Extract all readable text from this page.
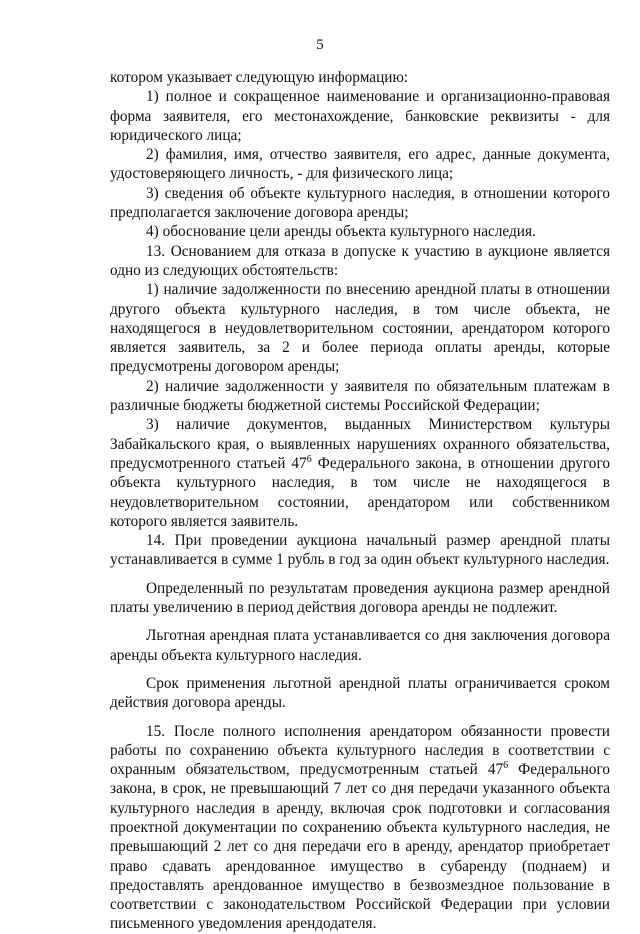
5

котором указывает следующую информацию:

1) полное и сокращенное наименование и организационно-правовая форма заявителя, его местонахождение, банковские реквизиты - для юридического лица;

2) фамилия, имя, отчество заявителя, его адрес, данные документа, удостоверяющего личность, - для физического лица;

3) сведения об объекте культурного наследия, в отношении которого предполагается заключение договора аренды;

4) обоснование цели аренды объекта культурного наследия.

13. Основанием для отказа в допуске к участию в аукционе является одно из следующих обстоятельств:

1) наличие задолженности по внесению арендной платы в отношении другого объекта культурного наследия, в том числе объекта, не находящегося в неудовлетворительном состоянии, арендатором которого является заявитель, за 2 и более периода оплаты аренды, которые предусмотрены договором аренды;

2) наличие задолженности у заявителя по обязательным платежам в различные бюджеты бюджетной системы Российской Федерации;

3) наличие документов, выданных Министерством культуры Забайкальского края, о выявленных нарушениях охранного обязательства, предусмотренного статьей $47^6$ Федерального закона, в отношении другого объекта культурного наследия, в том числе не находящегося в неудовлетворительном состоянии, арендатором или собственником которого является заявитель.

14. При проведении аукциона начальный размер арендной платы устанавливается в сумме 1 рубль в год за один объект культурного наследия.

Определенный по результатам проведения аукциона размер арендной платы увеличению в период действия договора аренды не подлежит.

Льготная арендная плата устанавливается со дня заключения договора аренды объекта культурного наследия.

Срок применения льготной арендной платы ограничивается сроком действия договора аренды.

15. После полного исполнения арендатором обязанности провести работы по сохранению объекта культурного наследия в соответствии с охранным обязательством, предусмотренным статьей $47^6$ Федерального закона, в срок, не превышающий 7 лет со дня передачи указанного объекта культурного наследия в аренду, включая срок подготовки и согласования проектной документации по сохранению объекта культурного наследия, не превышающий 2 лет со дня передачи его в аренду, арендатор приобретает право сдавать арендованное имущество в субаренду (поднаем) и предоставлять арендованное имущество в безвозмездное пользование в соответствии с законодательством Российской Федерации при условии письменного уведомления арендодателя.
